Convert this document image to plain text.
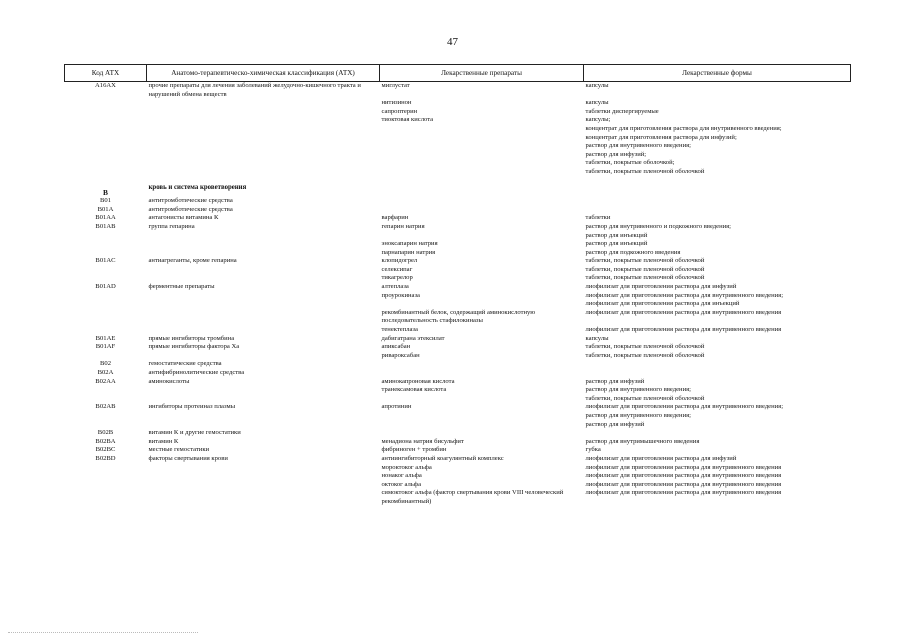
47
Код АТХ	Анатомо-терапевтическо-химическая классификация (АТХ)	Лекарственные препараты	Лекарственные формы
A16AX	прочие препараты для лечения заболеваний желудочно-кишечного тракта и нарушений обмена веществ	миглустат	капсулы
		нитизинон	капсулы
		сапроптерин	таблетки диспергируемые
		тиоктовая кислота	капсулы;
			концентрат для приготовления раствора для внутривенного введения;
			концентрат для приготовления раствора для инфузий;
			раствор для внутривенного введения;
			раствор для инфузий;
			таблетки, покрытые оболочкой;
			таблетки, покрытые пленочной оболочкой

B	кровь и система кроветворения		
B01	антитромботические средства		
B01A	антитромботические средства		
B01AA	антагонисты витамина К	варфарин	таблетки
B01AB	группа гепарина	гепарин натрия	раствор для внутривенного и подкожного введения;
			раствор для инъекций
		эноксапарин натрия	раствор для инъекций
		парнапарин натрия	раствор для подкожного введения
B01AC	антиагреганты, кроме гепарина	клопидогрел	таблетки, покрытые пленочной оболочкой
		селексипаг	таблетки, покрытые пленочной оболочкой
		тикагрелор	таблетки, покрытые пленочной оболочкой
B01AD	ферментные препараты	алтеплаза	лиофилизат для приготовления раствора для инфузий
		проурокиназа	лиофилизат для приготовления раствора для внутривенного введения;
			лиофилизат для приготовления раствора для инъекций
		рекомбинантный белок, содержащий аминокислотную последовательность стафилокиназы	лиофилизат для приготовления раствора для внутривенного введения
		тенектеплаза	лиофилизат для приготовления раствора для внутривенного введения
B01AE	прямые ингибиторы тромбина	дабигатрана этексилат	капсулы
B01AF	прямые ингибиторы фактора Xa	апиксабан	таблетки, покрытые пленочной оболочкой
		ривароксабан	таблетки, покрытые пленочной оболочкой
B02	гемостатические средства		
B02A	антифибринолитические средства		
B02AA	аминокислоты	аминокапроновая кислота	раствор для инфузий
		транексамовая кислота	раствор для внутривенного введения;
			таблетки, покрытые пленочной оболочкой
B02AB	ингибиторы протеиназ плазмы	апротинин	лиофилизат для приготовления раствора для внутривенного введения;
			раствор для внутривенного введения;
			раствор для инфузий
B02B	витамин К и другие гемостатики		
B02BA	витамин К	менадиона натрия бисульфит	раствор для внутримышечного введения
B02BC	местные гемостатики	фибриноген + тромбин	губка
B02BD	факторы свертывания крови	антиингибиторный коагулянтный комплекс	лиофилизат для приготовления раствора для инфузий
		мороктоког альфа	лиофилизат для приготовления раствора для внутривенного введения
		нонаког альфа	лиофилизат для приготовления раствора для внутривенного введения
		октоког альфа	лиофилизат для приготовления раствора для внутривенного введения
		симоктоког альфа (фактор свертывания крови VIII человеческий рекомбинантный)	лиофилизат для приготовления раствора для внутривенного введения
